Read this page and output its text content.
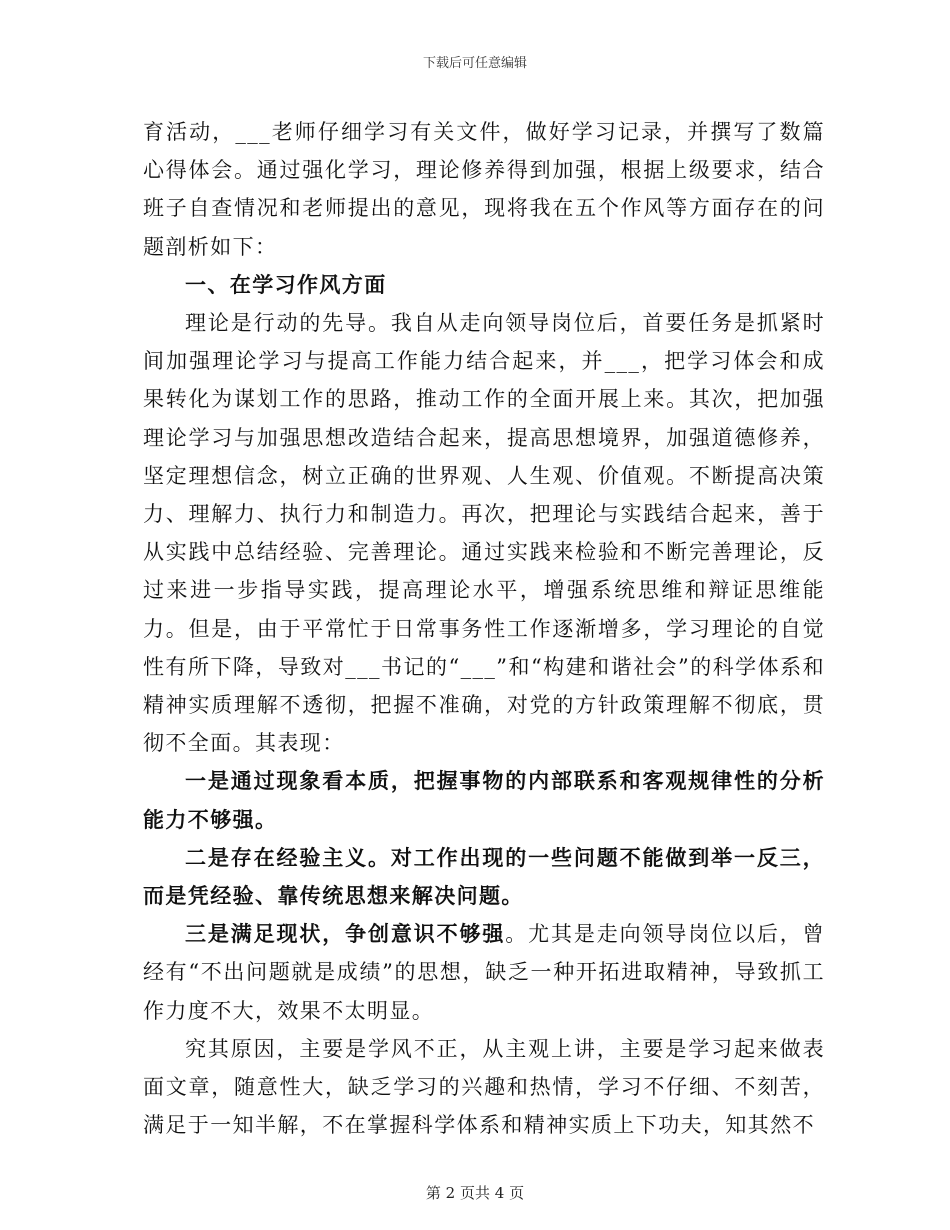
下载后可任意编辑

育活动，___老师仔细学习有关文件，做好学习记录，并撰写了数篇心得体会。通过强化学习，理论修养得到加强，根据上级要求，结合班子自查情况和老师提出的意见，现将我在五个作风等方面存在的问题剖析如下：

一、在学习作风方面

理论是行动的先导。我自从走向领导岗位后，首要任务是抓紧时间加强理论学习与提高工作能力结合起来，并___，把学习体会和成果转化为谋划工作的思路，推动工作的全面开展上来。其次，把加强理论学习与加强思想改造结合起来，提高思想境界，加强道德修养，坚定理想信念，树立正确的世界观、人生观、价值观。不断提高决策力、理解力、执行力和制造力。再次，把理论与实践结合起来，善于从实践中总结经验、完善理论。通过实践来检验和不断完善理论，反过来进一步指导实践，提高理论水平，增强系统思维和辩证思维能力。但是，由于平常忙于日常事务性工作逐渐增多，学习理论的自觉性有所下降，导致对___书记的“___”和“构建和谐社会”的科学体系和精神实质理解不透彻，把握不准确，对党的方针政策理解不彻底，贯彻不全面。其表现：

一是通过现象看本质，把握事物的内部联系和客观规律性的分析能力不够强。

二是存在经验主义。对工作出现的一些问题不能做到举一反三，而是凭经验、靠传统思想来解决问题。

三是满足现状，争创意识不够强。尤其是走向领导岗位以后，曾经有“不出问题就是成绩”的思想，缺乏一种开拓进取精神，导致抓工作力度不大，效果不太明显。

究其原因，主要是学风不正，从主观上讲，主要是学习起来做表面文章，随意性大，缺乏学习的兴趣和热情，学习不仔细、不刻苦，满足于一知半解，不在掌握科学体系和精神实质上下功夫，知其然不

第 2 页共 4 页
